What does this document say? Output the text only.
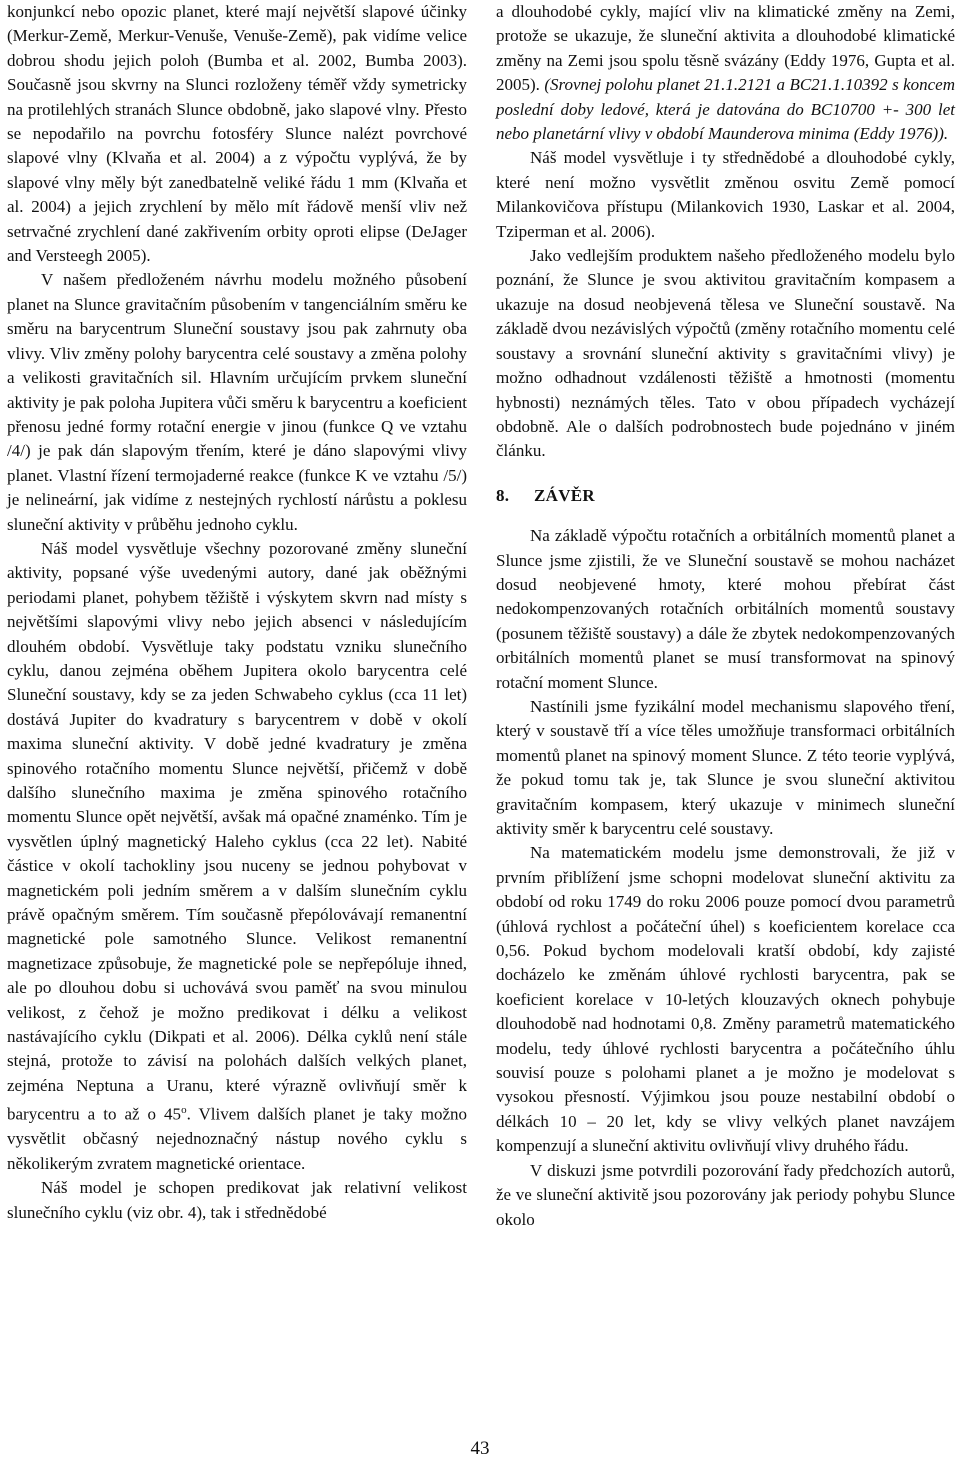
konjunkcí nebo opozic planet, které mají největší slapové účinky (Merkur-Země, Merkur-Venuše, Venuše-Země), pak vidíme velice dobrou shodu jejich poloh (Bumba et al. 2002, Bumba 2003). Současně jsou skvrny na Slunci rozloženy téměř vždy symetricky na protilehlých stranách Slunce obdobně, jako slapové vlny. Přesto se nepodařilo na povrchu fotosféry Slunce nalézt povrchové slapové vlny (Klvaňa et al. 2004) a z výpočtu vyplývá, že by slapové vlny měly být zanedbatelně veliké řádu 1 mm (Klvaňa et al. 2004) a jejich zrychlení by mělo mít řádově menší vliv než setrvačné zrychlení dané zakřivením orbity oproti elipse (DeJager and Versteegh 2005).

V našem předloženém návrhu modelu možného působení planet na Slunce gravitačním působením v tangenciálním směru ke směru na barycentrum Sluneční soustavy jsou pak zahrnuty oba vlivy. Vliv změny polohy barycentra celé soustavy a změna polohy a velikosti gravitačních sil. Hlavním určujícím prvkem sluneční aktivity je pak poloha Jupitera vůči směru k barycentru a koeficient přenosu jedné formy rotační energie v jinou (funkce Q ve vztahu /4/) je pak dán slapovým třením, které je dáno slapovými vlivy planet. Vlastní řízení termojaderné reakce (funkce K ve vztahu /5/) je nelineární, jak vidíme z nestejných rychlostí nárůstu a poklesu sluneční aktivity v průběhu jednoho cyklu.

Náš model vysvětluje všechny pozorované změny sluneční aktivity, popsané výše uvedenými autory, dané jak oběžnými periodami planet, pohybem těžiště i výskytem skvrn nad místy s největšími slapovými vlivy nebo jejich absenci v následujícím dlouhém období. Vysvětluje taky podstatu vzniku slunečního cyklu, danou zejména oběhem Jupitera okolo barycentra celé Sluneční soustavy, kdy se za jeden Schwabeho cyklus (cca 11 let) dostává Jupiter do kvadratury s barycentrem v době v okolí maxima sluneční aktivity. V době jedné kvadratury je změna spinového rotačního momentu Slunce největší, přičemž v době dalšího slunečního maxima je změna spinového rotačního momentu Slunce opět největší, avšak má opačné znaménko. Tím je vysvětlen úplný magnetický Haleho cyklus (cca 22 let). Nabité částice v okolí tachokliny jsou nuceny se jednou pohybovat v magnetickém poli jedním směrem a v dalším slunečním cyklu právě opačným směrem. Tím současně přepólovávají remanentní magnetické pole samotného Slunce. Velikost remanentní magnetizace způsobuje, že magnetické pole se nepřepóluje ihned, ale po dlouhou dobu si uchovává svou paměť na svou minulou velikost, z čehož je možno predikovat i délku a velikost nastávajícího cyklu (Dikpati et al. 2006). Délka cyklů není stále stejná, protože to závisí na polohách dalších velkých planet, zejména Neptuna a Uranu, které výrazně ovlivňují směr k barycentru a to až o 45$^o$. Vlivem dalších planet je taky možno vysvětlit občasný nejednoznačný nástup nového cyklu s několikerým zvratem magnetické orientace.

Náš model je schopen predikovat jak relativní velikost slunečního cyklu (viz obr. 4), tak i střednědobé

a dlouhodobé cykly, mající vliv na klimatické změny na Zemi, protože se ukazuje, že sluneční aktivita a dlouhodobé klimatické změny na Zemi jsou spolu těsně svázány (Eddy 1976, Gupta et al. 2005). (Srovnej polohu planet 21.1.2121 a BC21.1.10392 s koncem poslední doby ledové, která je datována do BC10700 +- 300 let nebo planetární vlivy v období Maunderova minima (Eddy 1976)).

Náš model vysvětluje i ty střednědobé a dlouhodobé cykly, které není možno vysvětlit změnou osvitu Země pomocí Milankovičova přístupu (Milankovich 1930, Laskar et al. 2004, Tziperman et al. 2006).

Jako vedlejším produktem našeho předloženého modelu bylo poznání, že Slunce je svou aktivitou gravitačním kompasem a ukazuje na dosud neobjevená tělesa ve Sluneční soustavě. Na základě dvou nezávislých výpočtů (změny rotačního momentu celé soustavy a srovnání sluneční aktivity s gravitačními vlivy) je možno odhadnout vzdálenosti těžiště a hmotnosti (momentu hybnosti) neznámých těles. Tato v obou případech vycházejí obdobně. Ale o dalších podrobnostech bude pojednáno v jiném článku.

8. ZÁVĚR

Na základě výpočtu rotačních a orbitálních momentů planet a Slunce jsme zjistili, že ve Sluneční soustavě se mohou nacházet dosud neobjevené hmoty, které mohou přebírat část nedokompenzovaných rotačních orbitálních momentů soustavy (posunem těžiště soustavy) a dále že zbytek nedokompenzovaných orbitálních momentů planet se musí transformovat na spinový rotační moment Slunce.

Nastínili jsme fyzikální model mechanismu slapového tření, který v soustavě tří a více těles umožňuje transformaci orbitálních momentů planet na spinový moment Slunce. Z této teorie vyplývá, že pokud tomu tak je, tak Slunce je svou sluneční aktivitou gravitačním kompasem, který ukazuje v minimech sluneční aktivity směr k barycentru celé soustavy.

Na matematickém modelu jsme demonstrovali, že již v prvním přiblížení jsme schopni modelovat sluneční aktivitu za období od roku 1749 do roku 2006 pouze pomocí dvou parametrů (úhlová rychlost a počáteční úhel) s koeficientem korelace cca 0,56. Pokud bychom modelovali kratší období, kdy zajisté docházelo ke změnám úhlové rychlosti barycentra, pak se koeficient korelace v 10-letých klouzavých oknech pohybuje dlouhodobě nad hodnotami 0,8. Změny parametrů matematického modelu, tedy úhlové rychlosti barycentra a počátečního úhlu souvisí pouze s polohami planet a je možno je modelovat s vysokou přesností. Výjimkou jsou pouze nestabilní období o délkách 10 – 20 let, kdy se vlivy velkých planet navzájem kompenzují a sluneční aktivitu ovlivňují vlivy druhého řádu.

V diskuzi jsme potvrdili pozorování řady předchozích autorů, že ve sluneční aktivitě jsou pozorovány jak periody pohybu Slunce okolo

43
